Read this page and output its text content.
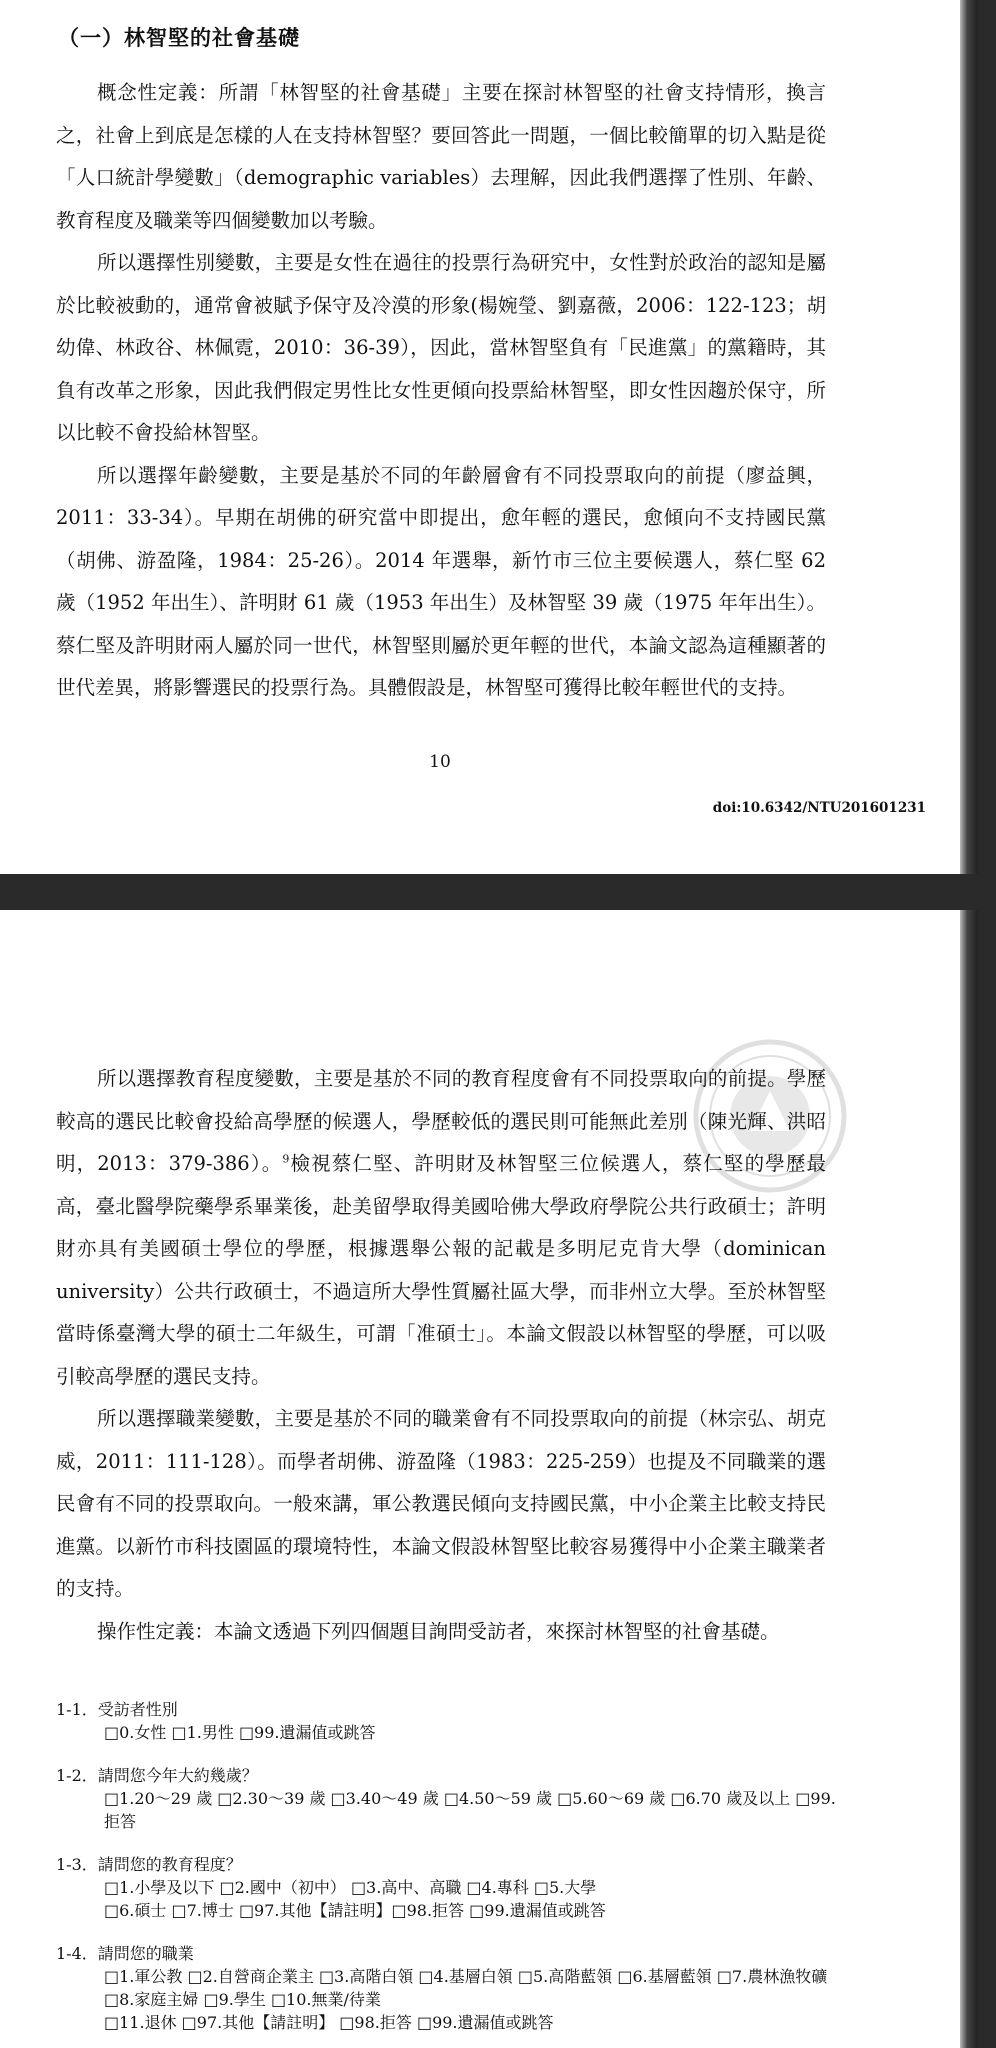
（一）林智堅的社會基礎

概念性定義：所謂「林智堅的社會基礎」主要在探討林智堅的社會支持情形，換言之，社會上到底是怎樣的人在支持林智堅？要回答此一問題，一個比較簡單的切入點是從「人口統計學變數」（demographic variables）去理解，因此我們選擇了性別、年齡、教育程度及職業等四個變數加以考驗。

所以選擇性別變數，主要是女性在過往的投票行為研究中，女性對於政治的認知是屬於比較被動的，通常會被賦予保守及冷漠的形象(楊婉瑩、劉嘉薇，2006：122-123；胡幼偉、林政谷、林佩霓，2010：36-39），因此，當林智堅負有「民進黨」的黨籍時，其負有改革之形象，因此我們假定男性比女性更傾向投票給林智堅，即女性因趨於保守，所以比較不會投給林智堅。

所以選擇年齡變數，主要是基於不同的年齡層會有不同投票取向的前提（廖益興，2011：33-34）。早期在胡佛的研究當中即提出，愈年輕的選民，愈傾向不支持國民黨（胡佛、游盈隆，1984：25-26）。2014 年選舉，新竹市三位主要候選人，蔡仁堅 62 歲（1952 年出生）、許明財 61 歲（1953 年出生）及林智堅 39 歲（1975 年年出生）。蔡仁堅及許明財兩人屬於同一世代，林智堅則屬於更年輕的世代，本論文認為這種顯著的世代差異，將影響選民的投票行為。具體假設是，林智堅可獲得比較年輕世代的支持。

10
doi:10.6342/NTU201601231

所以選擇教育程度變數，主要是基於不同的教育程度會有不同投票取向的前提。學歷較高的選民比較會投給高學歷的候選人，學歷較低的選民則可能無此差別（陳光輝、洪昭明，2013：379-386）。$^9$檢視蔡仁堅、許明財及林智堅三位候選人，蔡仁堅的學歷最高，臺北醫學院藥學系畢業後，赴美留學取得美國哈佛大學政府學院公共行政碩士；許明財亦具有美國碩士學位的學歷，根據選舉公報的記載是多明尼克肯大學（dominican university）公共行政碩士，不過這所大學性質屬社區大學，而非州立大學。至於林智堅當時係臺灣大學的碩士二年級生，可謂「准碩士」。本論文假設以林智堅的學歷，可以吸引較高學歷的選民支持。

所以選擇職業變數，主要是基於不同的職業會有不同投票取向的前提（林宗弘、胡克威，2011：111-128）。而學者胡佛、游盈隆（1983：225-259）也提及不同職業的選民會有不同的投票取向。一般來講，軍公教選民傾向支持國民黨，中小企業主比較支持民進黨。以新竹市科技園區的環境特性，本論文假設林智堅比較容易獲得中小企業主職業者的支持。

操作性定義：本論文透過下列四個題目詢問受訪者，來探討林智堅的社會基礎。

1-1．受訪者性別

□0.女性 □1.男性 □99.遺漏值或跳答

1-2．請問您今年大約幾歲？

□1.20～29 歲 □2.30～39 歲 □3.40～49 歲 □4.50～59 歲 □5.60～69 歲 □6.70 歲及以上 □99.拒答

1-3．請問您的教育程度？

□1.小學及以下 □2.國中（初中） □3.高中、高職 □4.專科 □5.大學

□6.碩士 □7.博士 □97.其他【請註明】□98.拒答 □99.遺漏值或跳答

1-4．請問您的職業

□1.軍公教 □2.自營商企業主 □3.高階白領 □4.基層白領 □5.高階藍領 □6.基層藍領 □7.農林漁牧礦 □8.家庭主婦 □9.學生 □10.無業/待業

□11.退休 □97.其他【請註明】 □98.拒答 □99.遺漏值或跳答
